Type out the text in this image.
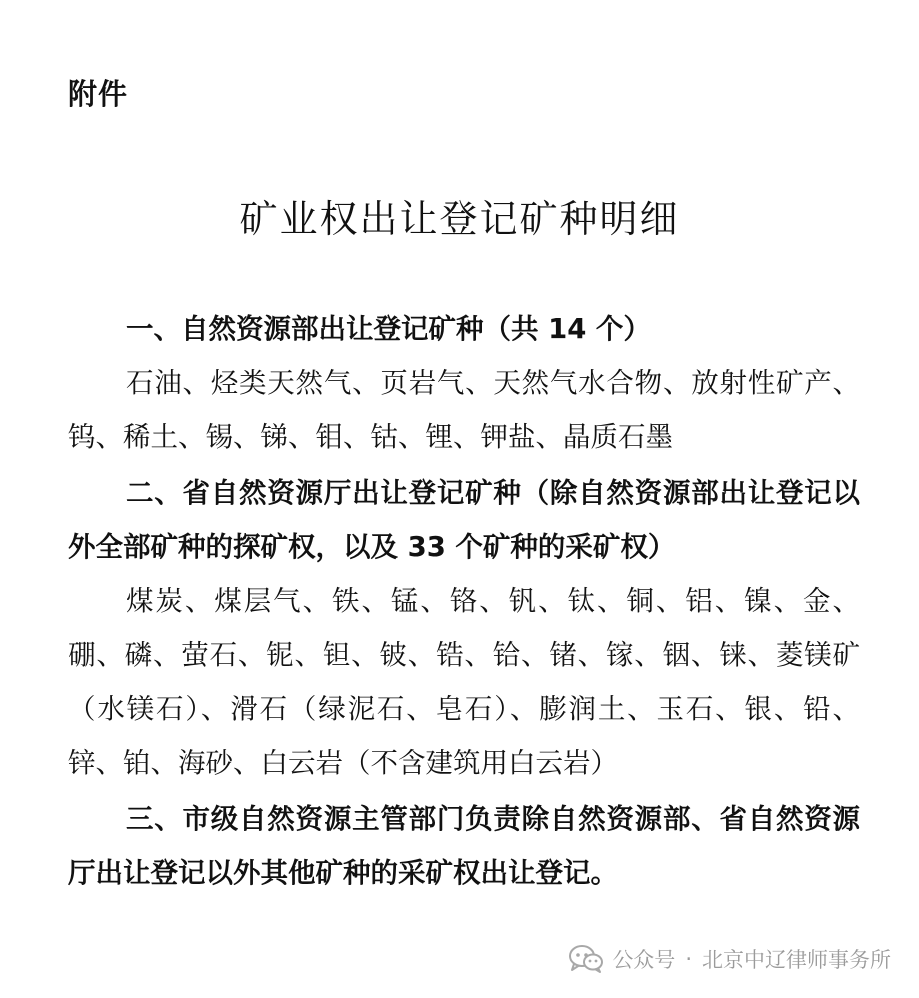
附件
矿业权出让登记矿种明细
一、自然资源部出让登记矿种（共 14 个）
石油、烃类天然气、页岩气、天然气水合物、放射性矿产、钨、稀土、锡、锑、钼、钴、锂、钾盐、晶质石墨
二、省自然资源厅出让登记矿种（除自然资源部出让登记以外全部矿种的探矿权，以及 33 个矿种的采矿权）
煤炭、煤层气、铁、锰、铬、钒、钛、铜、铝、镍、金、硼、磷、萤石、铌、钽、铍、锆、铪、锗、镓、铟、铼、菱镁矿（水镁石）、滑石（绿泥石、皂石）、膨润土、玉石、银、铅、锌、铂、海砂、白云岩（不含建筑用白云岩）
三、市级自然资源主管部门负责除自然资源部、省自然资源厅出让登记以外其他矿种的采矿权出让登记。
公众号 · 北京中辽律师事务所
